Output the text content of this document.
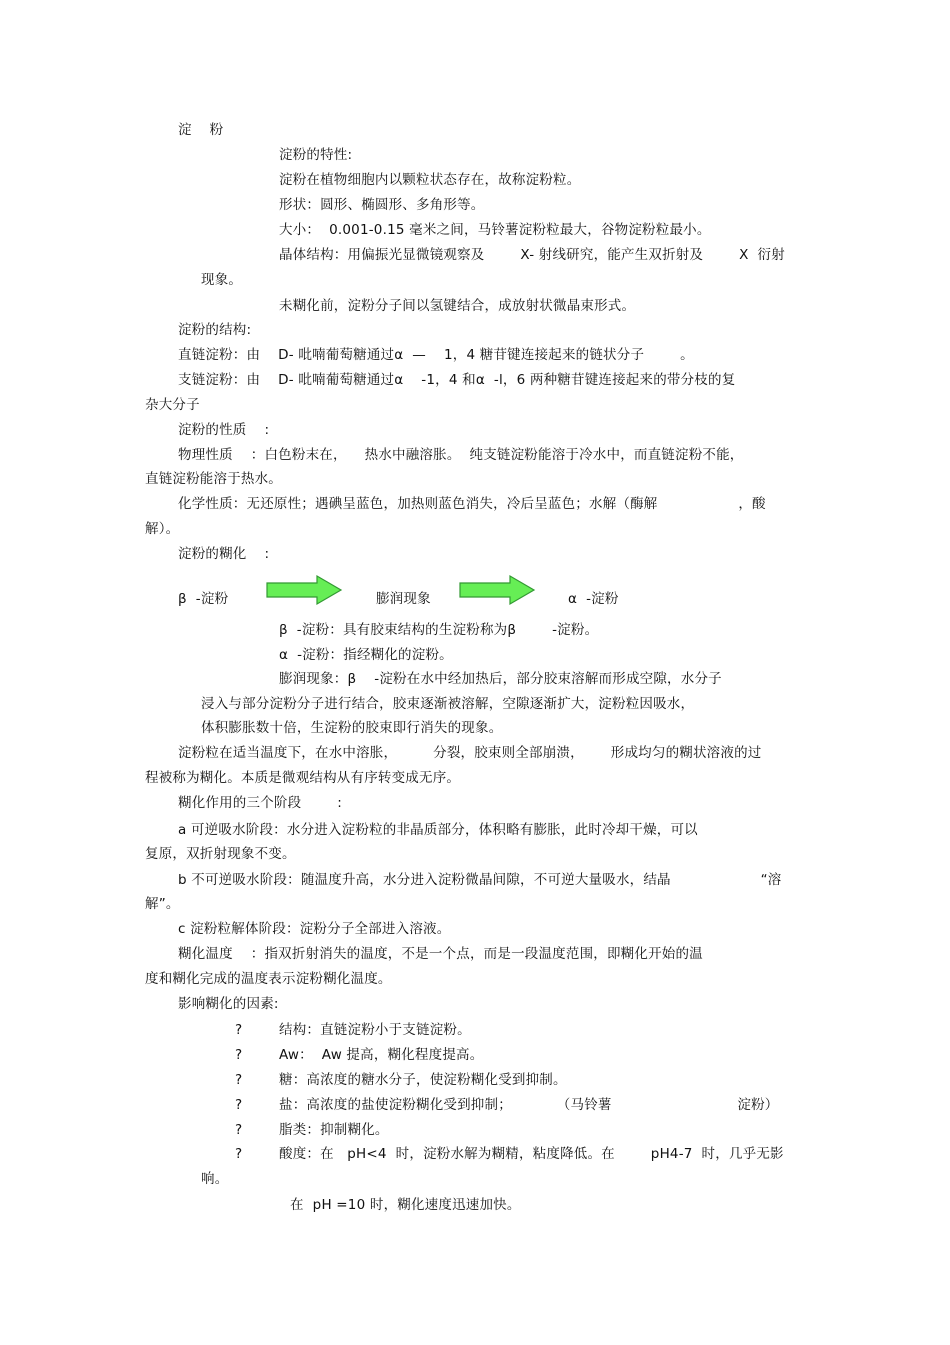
淀    粉
淀粉的特性:
淀粉在植物细胞内以颗粒状态存在，故称淀粉粒。
形状：圆形、椭圆形、多角形等。
大小：  0.001-0.15 毫米之间，马铃薯淀粉粒最大，谷物淀粉粒最小。
晶体结构：用偏振光显微镜观察及        X- 射线研究，能产生双折射及        X  衍射
现象。
未糊化前，淀粉分子间以氢键结合，成放射状微晶束形式。
淀粉的结构:
直链淀粉：由    D- 吡喃葡萄糖通过α  —    1，4 糖苷键连接起来的链状分子        。
支链淀粉：由    D- 吡喃葡萄糖通过α    -1，4 和α  -l，6 两种糖苷键连接起来的带分枝的复
杂大分子
淀粉的性质    :
物理性质    ：白色粉末在，    热水中融溶胀。  纯支链淀粉能溶于冷水中，而直链淀粉不能，
直链淀粉能溶于热水。
化学性质：无还原性；遇碘呈蓝色，加热则蓝色消失，冷后呈蓝色；水解（酶解                  ，酸
解）。
淀粉的糊化    :
β  -淀粉	膨润现象	α  -淀粉
β  -淀粉：具有胶束结构的生淀粉称为β        -淀粉。
α  -淀粉：指经糊化的淀粉。
膨润现象：β    -淀粉在水中经加热后，部分胶束溶解而形成空隙，水分子
浸入与部分淀粉分子进行结合，胶束逐渐被溶解，空隙逐渐扩大，淀粉粒因吸水，
体积膨胀数十倍，生淀粉的胶束即行消失的现象。
淀粉粒在适当温度下，在水中溶胀，        分裂，胶束则全部崩溃，      形成均匀的糊状溶液的过
程被称为糊化。本质是微观结构从有序转变成无序。
糊化作用的三个阶段        :
a 可逆吸水阶段：水分进入淀粉粒的非晶质部分，体积略有膨胀，此时冷却干燥，可以
复原，双折射现象不变。
b 不可逆吸水阶段：随温度升高，水分进入淀粉微晶间隙，不可逆大量吸水，结晶                    “溶
解”。
c 淀粉粒解体阶段：淀粉分子全部进入溶液。
糊化温度    ：指双折射消失的温度，不是一个点，而是一段温度范围，即糊化开始的温
度和糊化完成的温度表示淀粉糊化温度。
影响糊化的因素:
?	结构：直链淀粉小于支链淀粉。
?	Aw：  Aw 提高，糊化程度提高。
?	糖：高浓度的糖水分子，使淀粉糊化受到抑制。
?	盐：高浓度的盐使淀粉糊化受到抑制；          （马铃薯                            淀粉）
?	脂类：抑制糊化。
?	酸度：在   pH<4  时，淀粉水解为糊精，粘度降低。在        pH4-7  时，几乎无影
响。
在  pH =10 时，糊化速度迅速加快。
